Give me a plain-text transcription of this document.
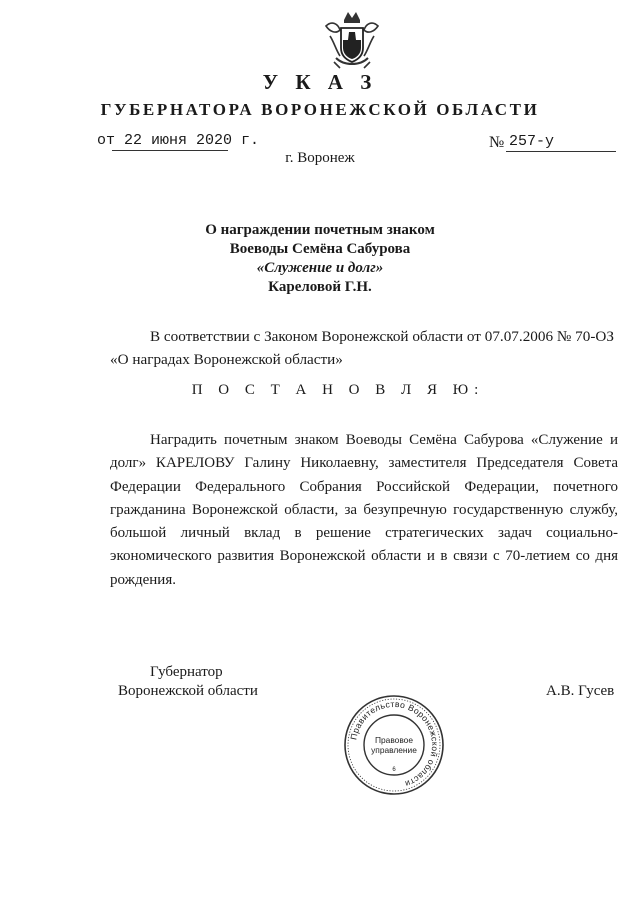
У К А З
ГУБЕРНАТОРА ВОРОНЕЖСКОЙ ОБЛАСТИ
от 22 июня 2020 г.	№ 257-у
г. Воронеж
О награждении почетным знаком
Воеводы Семёна Сабурова
«Служение и долг»
Кареловой Г.Н.
В соответствии с Законом Воронежской области от 07.07.2006 № 70-ОЗ
«О наградах Воронежской области»
П О С Т А Н О В Л Я Ю:
Наградить почетным знаком Воеводы Семёна Сабурова «Служение и долг» КАРЕЛОВУ Галину Николаевну, заместителя Председателя Совета Федерации Федерального Собрания Российской Федерации, почетного гражданина Воронежской области, за безупречную государственную службу, большой личный вклад в решение стратегических задач социально-экономического развития Воронежской области и в связи с 70-летием со дня рождения.
Губернатор
Воронежской области	А.В. Гусев
Правительство Воронежской области
Правовое
управление
6
